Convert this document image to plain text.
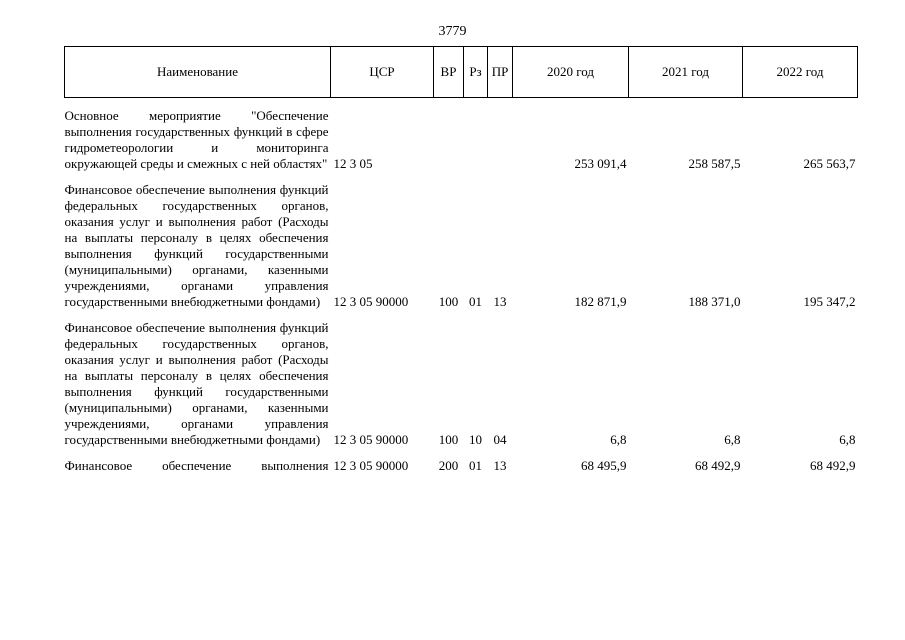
3779
Наименование	ЦСР	ВР	Рз	ПР	2020 год	2021 год	2022 год

Основное мероприятие "Обеспечение выполнения государственных функций в сфере гидрометеорологии и мониторинга окружающей среды и смежных с ней областях"	12 3 05				253 091,4	258 587,5	265 563,7

Финансовое обеспечение выполнения функций федеральных государственных органов, оказания услуг и выполнения работ (Расходы на выплаты персоналу в целях обеспечения выполнения функций государственными (муниципальными) органами, казенными учреждениями, органами управления государственными внебюджетными фондами)	12 3 05 90000	100	01	13	182 871,9	188 371,0	195 347,2

Финансовое обеспечение выполнения функций федеральных государственных органов, оказания услуг и выполнения работ (Расходы на выплаты персоналу в целях обеспечения выполнения функций государственными (муниципальными) органами, казенными учреждениями, органами управления государственными внебюджетными фондами)	12 3 05 90000	100	10	04	6,8	6,8	6,8

Финансовое обеспечение выполнения	12 3 05 90000	200	01	13	68 495,9	68 492,9	68 492,9
